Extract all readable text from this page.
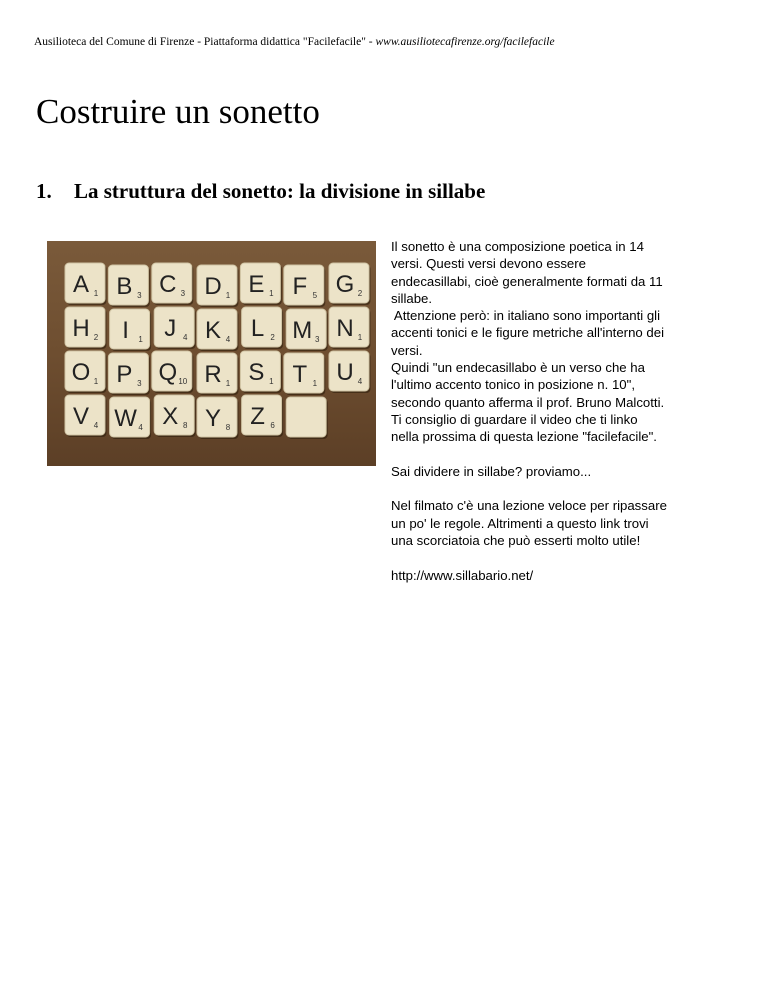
Ausilioteca del Comune di Firenze - Piattaforma didattica "Facilefacile" - www.ausiliotecafirenze.org/facilefacile
Costruire un sonetto
1. La struttura del sonetto: la divisione in sillabe
A 1 B 3 C 3 D 1 E 1 F 5 G 2
H 2 I 1 J 4 K 4 L 2 M 3 N 1
O 1 P 3 Q 10 R 1 S 1 T 1 U 4
V 4 W 4 X 8 Y 8 Z 6

Il sonetto è una composizione poetica in 14

versi. Questi versi devono essere

endecasillabi, cioè generalmente formati da 11

sillabe.

Attenzione però: in italiano sono importanti gli

accenti tonici e le figure metriche all'interno dei

versi.

Quindi "un endecasillabo è un verso che ha

l'ultimo accento tonico in posizione n. 10",

secondo quanto afferma il prof. Bruno Malcotti.

Ti consiglio di guardare il video che ti linko

nella prossima di questa lezione "facilefacile".

Sai dividere in sillabe? proviamo...

Nel filmato c'è una lezione veloce per ripassare

un po' le regole. Altrimenti a questo link trovi

una scorciatoia che può esserti molto utile!

http://www.sillabario.net/
